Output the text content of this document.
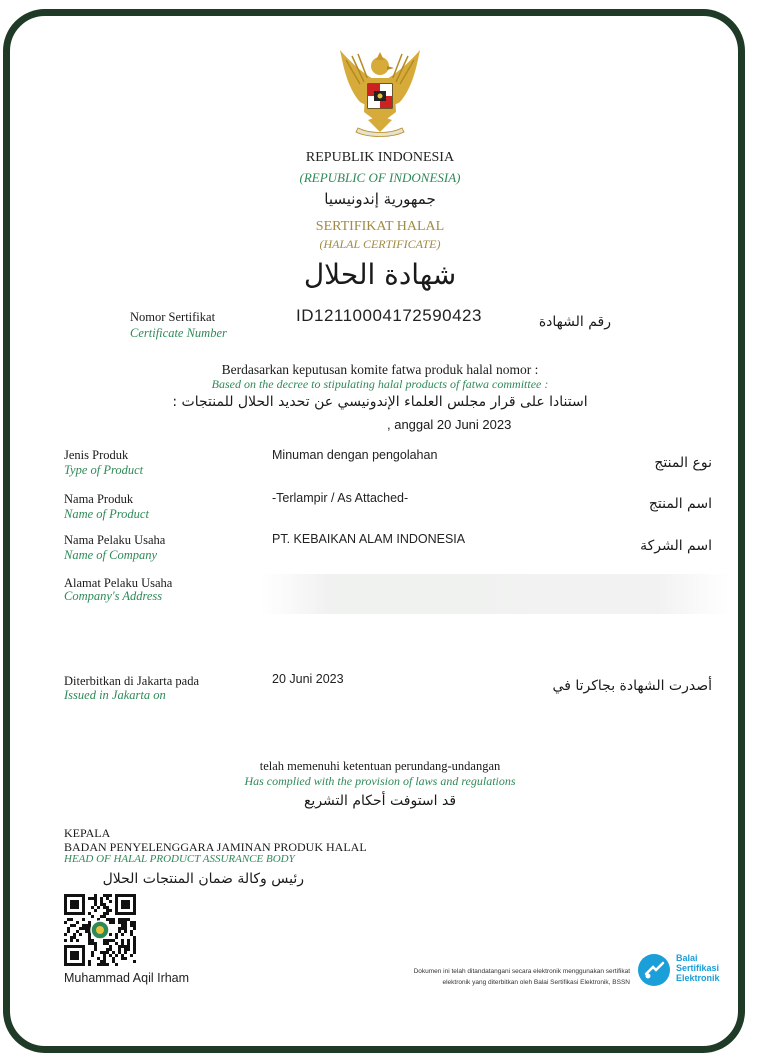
REPUBLIK INDONESIA
(REPUBLIC OF INDONESIA)
جمهورية إندونيسيا
SERTIFIKAT HALAL
(HALAL CERTIFICATE)
شهادة الحلال
Nomor Sertifikat
Certificate Number
ID12110004172590423	رقم الشهادة
Berdasarkan keputusan komite fatwa produk halal nomor :
Based on the decree to stipulating halal products of fatwa committee :
استنادا على قرار مجلس العلماء الإندونيسي عن تحديد الحلال للمنتجات :
, anggal 20 Juni 2023
Jenis Produk
Type of Product
Minuman dengan pengolahan	نوع المنتج
Nama Produk
Name of Product
-Terlampir / As Attached-	اسم المنتج
Nama Pelaku Usaha
Name of Company
PT. KEBAIKAN ALAM INDONESIA	اسم الشركة
Alamat Pelaku Usaha
Company's Address
Diterbitkan di Jakarta pada
Issued in Jakarta on
20 Juni 2023	أصدرت الشهادة بجاكرتا في
telah memenuhi ketentuan perundang-undangan
Has complied with the provision of laws and regulations
قد استوفت أحكام التشريع
KEPALA
BADAN PENYELENGGARA JAMINAN PRODUK HALAL
HEAD OF HALAL PRODUCT ASSURANCE BODY
رئيس وكالة ضمان المنتجات الحلال
Muhammad Aqil Irham	Dokumen ini telah ditandatangani secara elektronik menggunakan sertifikat
elektronik yang diterbitkan oleh Balai Sertifikasi Elektronik, BSSN
Balai
Sertifikasi
Elektronik
